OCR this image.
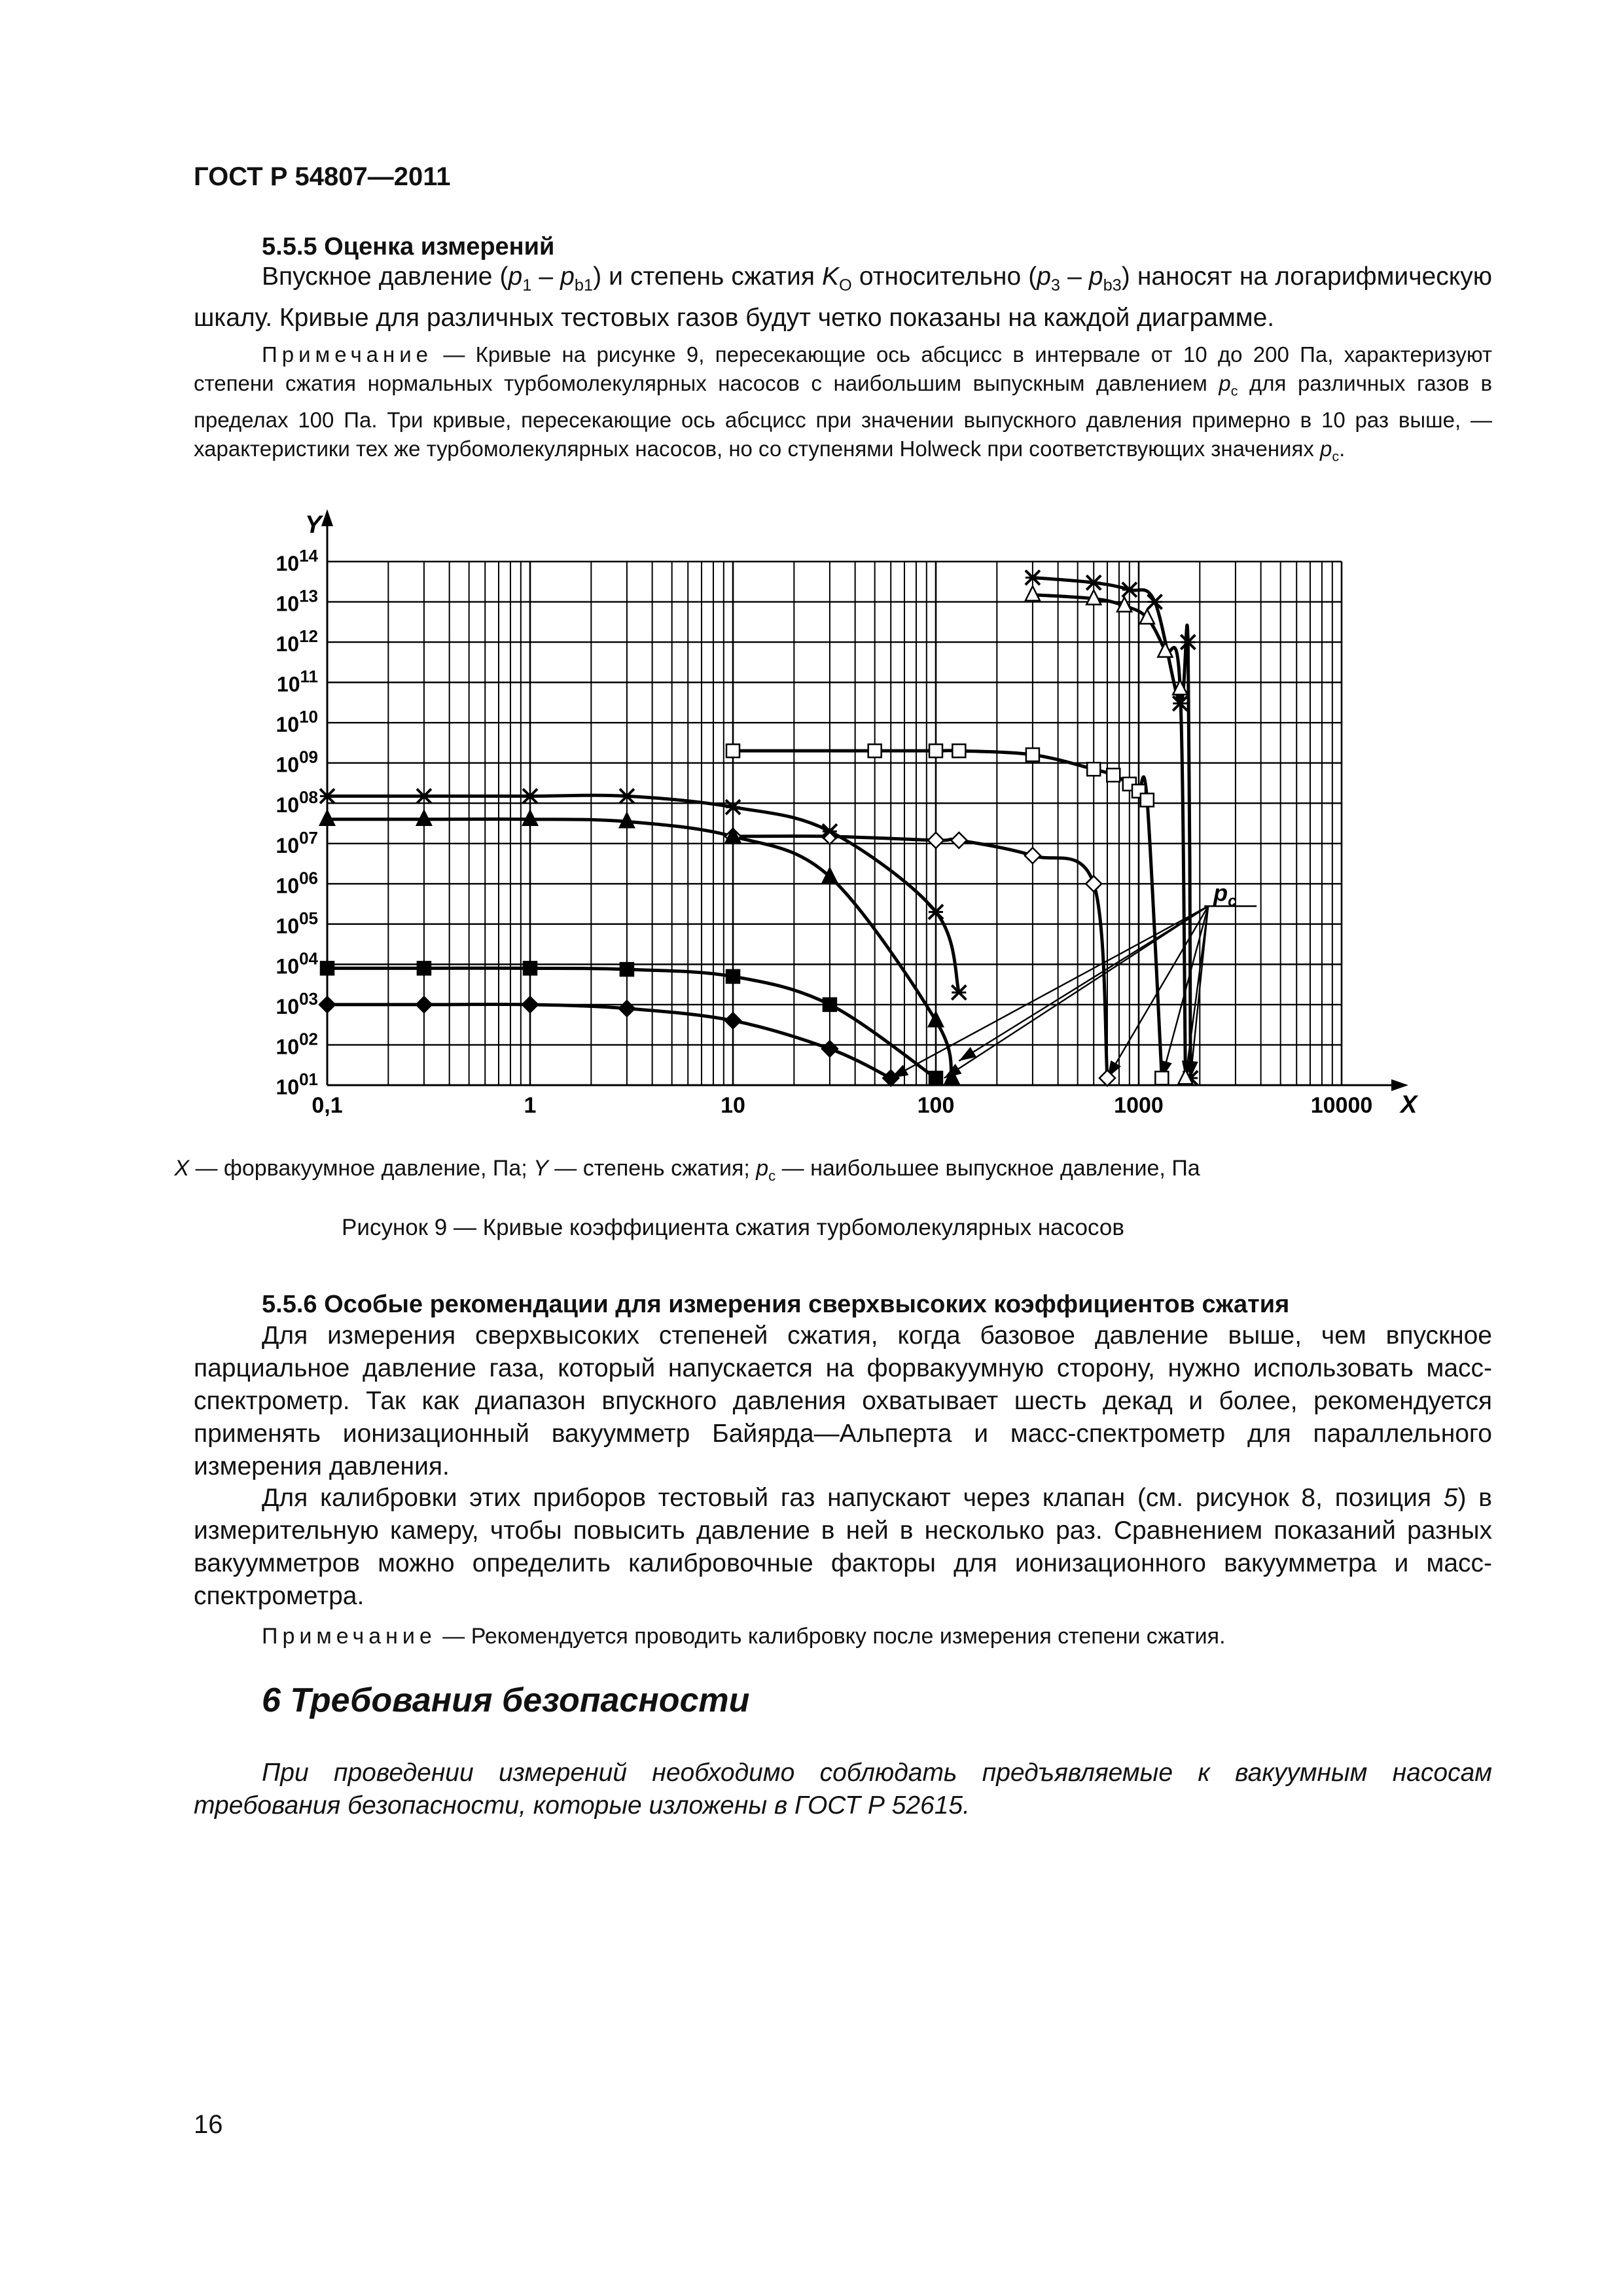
ГОСТ Р 54807—2011
5.5.5 Оценка измерений
Впускное давление $(p_1 - p_{b1})$ и степень сжатия $K_O$ относительно $(p_3 - p_{b3})$ наносят на логарифмическую шкалу. Кривые для различных тестовых газов будут четко показаны на каждой диаграмме.
Примечание — Кривые на рисунке 9, пересекающие ось абсцисс в интервале от 10 до 200 Па, характеризуют степени сжатия нормальных турбомолекулярных насосов с наибольшим выпускным давлением $p_c$ для различных газов в пределах 100 Па. Три кривые, пересекающие ось абсцисс при значении выпускного давления примерно в 10 раз выше, — характеристики тех же турбомолекулярных насосов, но со ступенями Holweck при соответствующих значениях $p_c$.
X
Y
0,1	1	10	100	1000	10000
$10^{14}$
$10^{13}$
$10^{12}$
$10^{11}$
$10^{10}$
$10^{09}$
$10^{08}$
$10^{07}$
$10^{06}$
$10^{05}$
$10^{04}$
$10^{03}$
$10^{02}$
$10^{01}$
$p_c$
X — форвакуумное давление, Па; Y — степень сжатия; $p_c$ — наибольшее выпускное давление, Па
Рисунок 9 — Кривые коэффициента сжатия турбомолекулярных насосов
5.5.6 Особые рекомендации для измерения сверхвысоких коэффициентов сжатия
Для измерения сверхвысоких степеней сжатия, когда базовое давление выше, чем впускное парциальное давление газа, который напускается на форвакуумную сторону, нужно использовать масс-спектрометр. Так как диапазон впускного давления охватывает шесть декад и более, рекомендуется применять ионизационный вакуумметр Байярда—Альперта и масс-спектрометр для параллельного измерения давления.
Для калибровки этих приборов тестовый газ напускают через клапан (см. рисунок 8, позиция 5) в измерительную камеру, чтобы повысить давление в ней в несколько раз. Сравнением показаний разных вакуумметров можно определить калибровочные факторы для ионизационного вакуумметра и масс-спектрометра.
Примечание — Рекомендуется проводить калибровку после измерения степени сжатия.
6 Требования безопасности
При проведении измерений необходимо соблюдать предъявляемые к вакуумным насосам требования безопасности, которые изложены в ГОСТ Р 52615.
16
